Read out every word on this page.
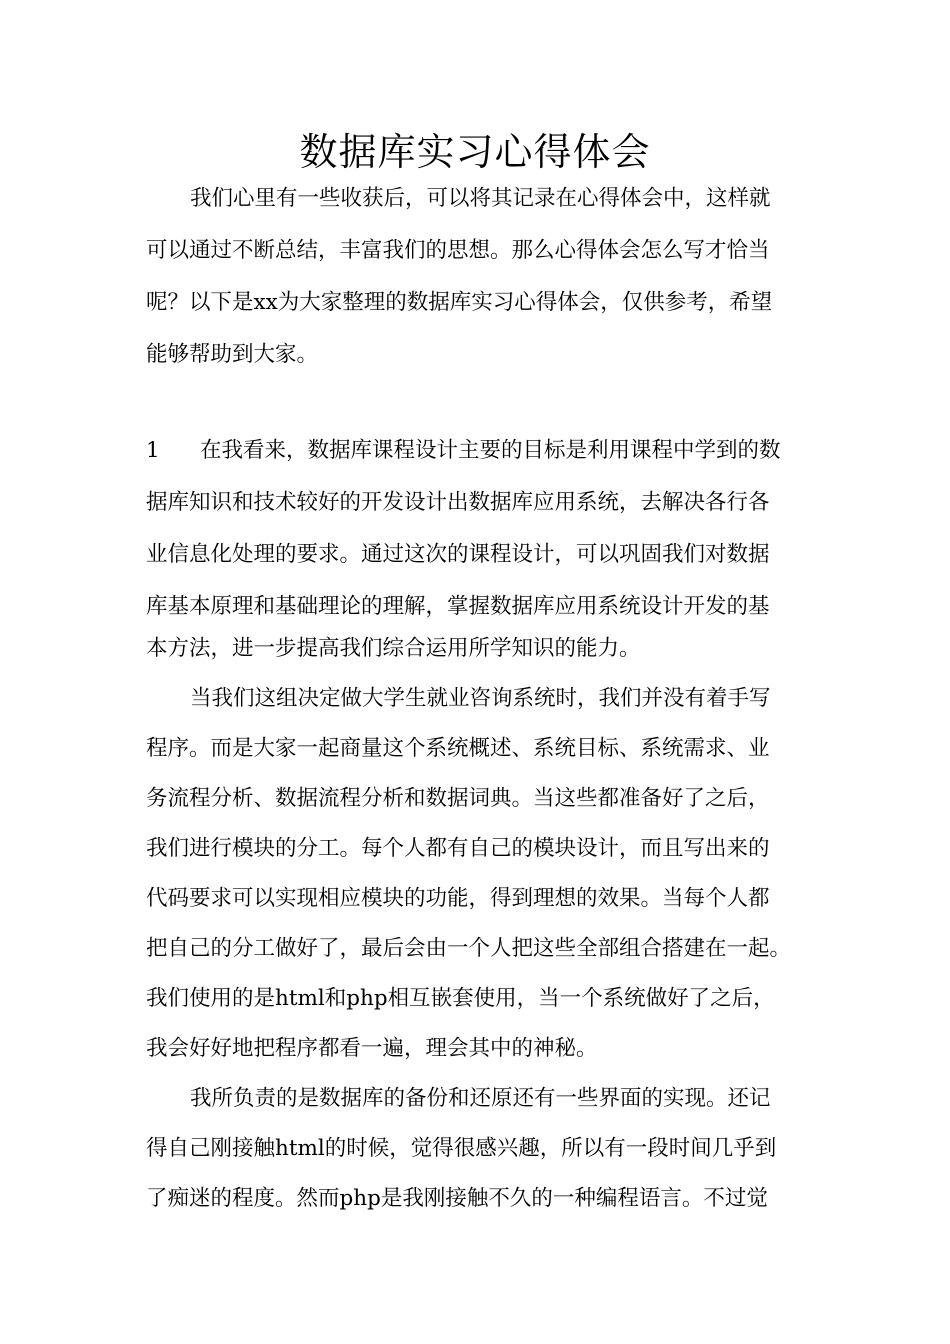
数据库实习心得体会

我们心里有一些收获后，可以将其记录在心得体会中，这样就

可以通过不断总结，丰富我们的思想。那么心得体会怎么写才恰当

呢？以下是xx为大家整理的数据库实习心得体会，仅供参考，希望

能够帮助到大家。

1 在我看来，数据库课程设计主要的目标是利用课程中学到的数

据库知识和技术较好的开发设计出数据库应用系统，去解决各行各

业信息化处理的要求。通过这次的课程设计，可以巩固我们对数据

库基本原理和基础理论的理解，掌握数据库应用系统设计开发的基

本方法，进一步提高我们综合运用所学知识的能力。

当我们这组决定做大学生就业咨询系统时，我们并没有着手写

程序。而是大家一起商量这个系统概述、系统目标、系统需求、业

务流程分析、数据流程分析和数据词典。当这些都准备好了之后，

我们进行模块的分工。每个人都有自己的模块设计，而且写出来的

代码要求可以实现相应模块的功能，得到理想的效果。当每个人都

把自己的分工做好了，最后会由一个人把这些全部组合搭建在一起。

我们使用的是html和php相互嵌套使用，当一个系统做好了之后，

我会好好地把程序都看一遍，理会其中的神秘。

我所负责的是数据库的备份和还原还有一些界面的实现。还记

得自己刚接触html的时候，觉得很感兴趣，所以有一段时间几乎到

了痴迷的程度。然而php是我刚接触不久的一种编程语言。不过觉
